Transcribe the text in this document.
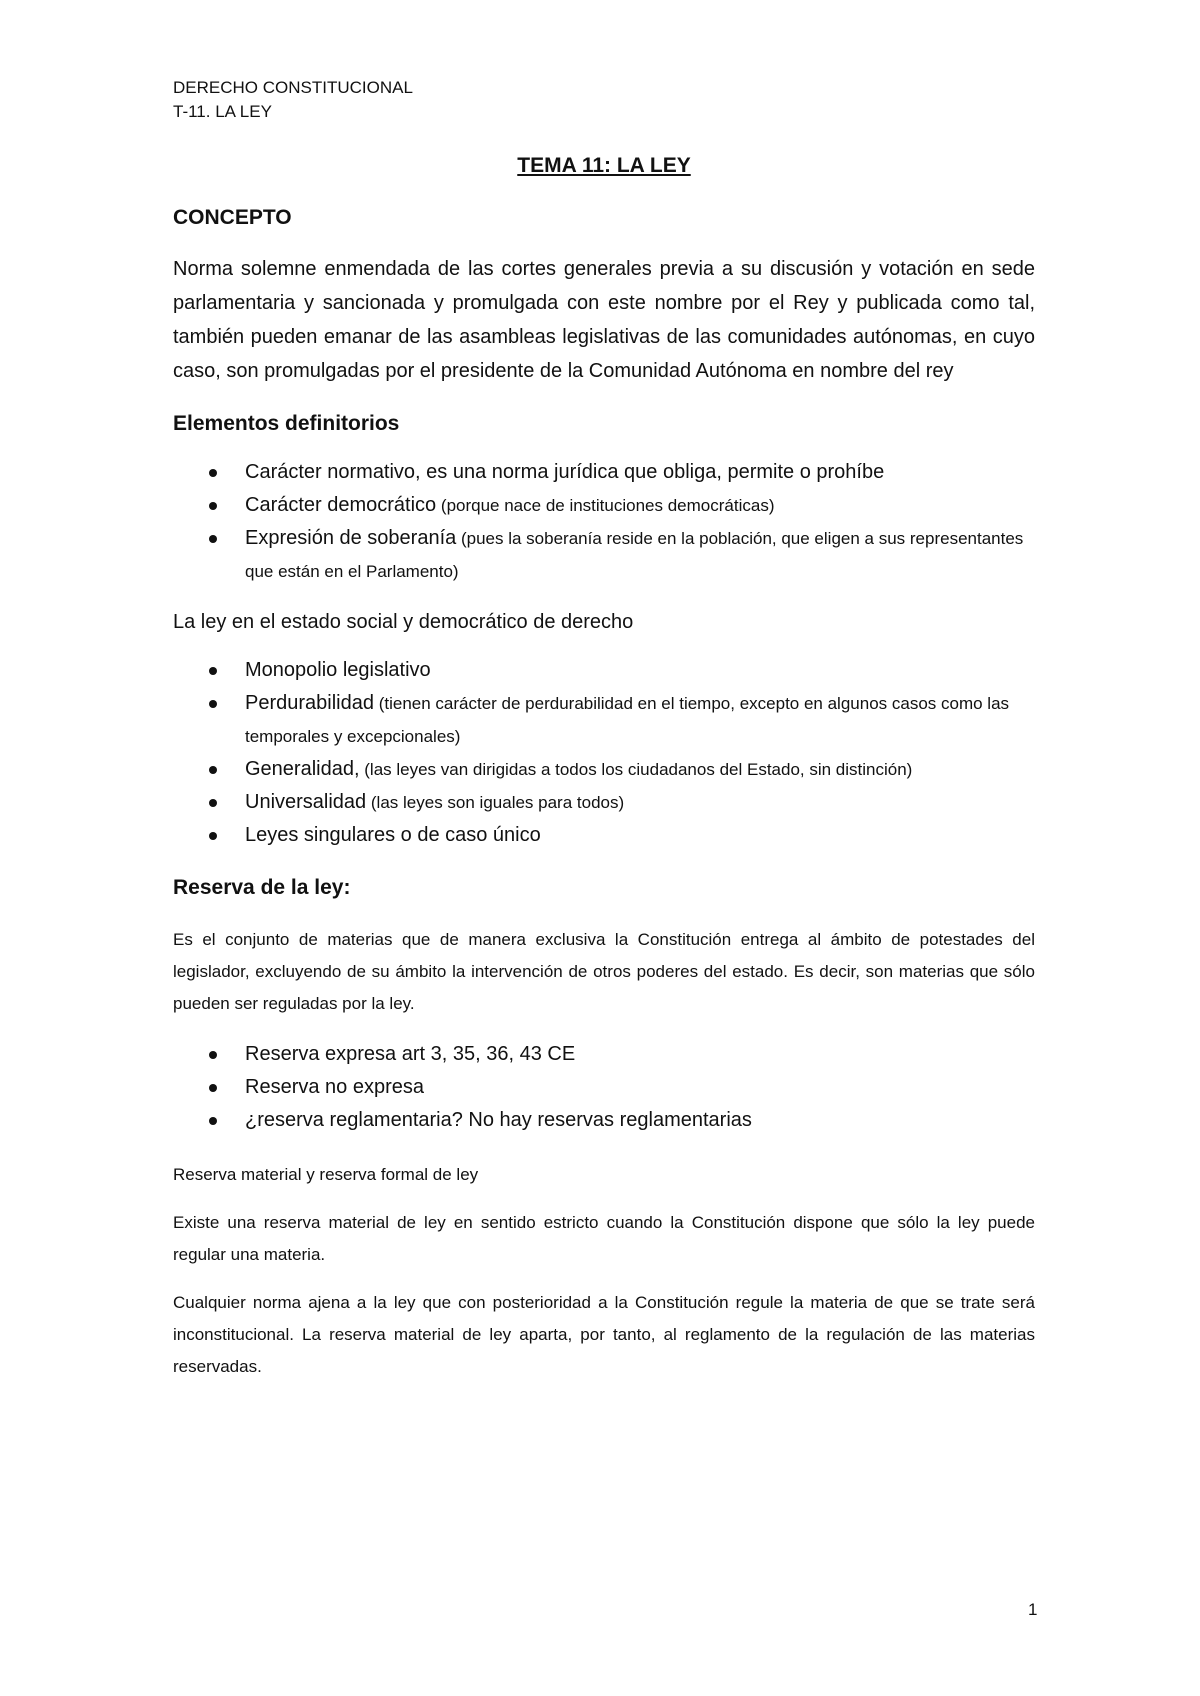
DERECHO CONSTITUCIONAL

T-11. LA LEY

TEMA 11: LA LEY
CONCEPTO

Norma solemne enmendada de las cortes generales previa a su discusión y votación en sede parlamentaria y sancionada y promulgada con este nombre por el Rey y publicada como tal, también pueden emanar de las asambleas legislativas de las comunidades autónomas, en cuyo caso, son promulgadas por el presidente de la Comunidad Autónoma en nombre del rey

Elementos definitorios
Carácter normativo, es una norma jurídica que obliga, permite o prohíbe
Carácter democrático (porque nace de instituciones democráticas)
Expresión de soberanía (pues la soberanía reside en la población, que eligen a sus representantes que están en el Parlamento)

La ley en el estado social y democrático de derecho

Monopolio legislativo
Perdurabilidad (tienen carácter de perdurabilidad en el tiempo, excepto en algunos casos como las temporales y excepcionales)
Generalidad, (las leyes van dirigidas a todos los ciudadanos del Estado, sin distinción)
Universalidad (las leyes son iguales para todos)
Leyes singulares o de caso único
Reserva de la ley:

Es el conjunto de materias que de manera exclusiva la Constitución entrega al ámbito de potestades del legislador, excluyendo de su ámbito la intervención de otros poderes del estado. Es decir, son materias que sólo pueden ser reguladas por la ley.

Reserva expresa art 3, 35, 36, 43 CE
Reserva no expresa
¿reserva reglamentaria? No hay reservas reglamentarias

Reserva material y reserva formal de ley

Existe una reserva material de ley en sentido estricto cuando la Constitución dispone que sólo la ley puede regular una materia.

Cualquier norma ajena a la ley que con posterioridad a la Constitución regule la materia de que se trate será inconstitucional. La reserva material de ley aparta, por tanto, al reglamento de la regulación de las materias reservadas.

1
